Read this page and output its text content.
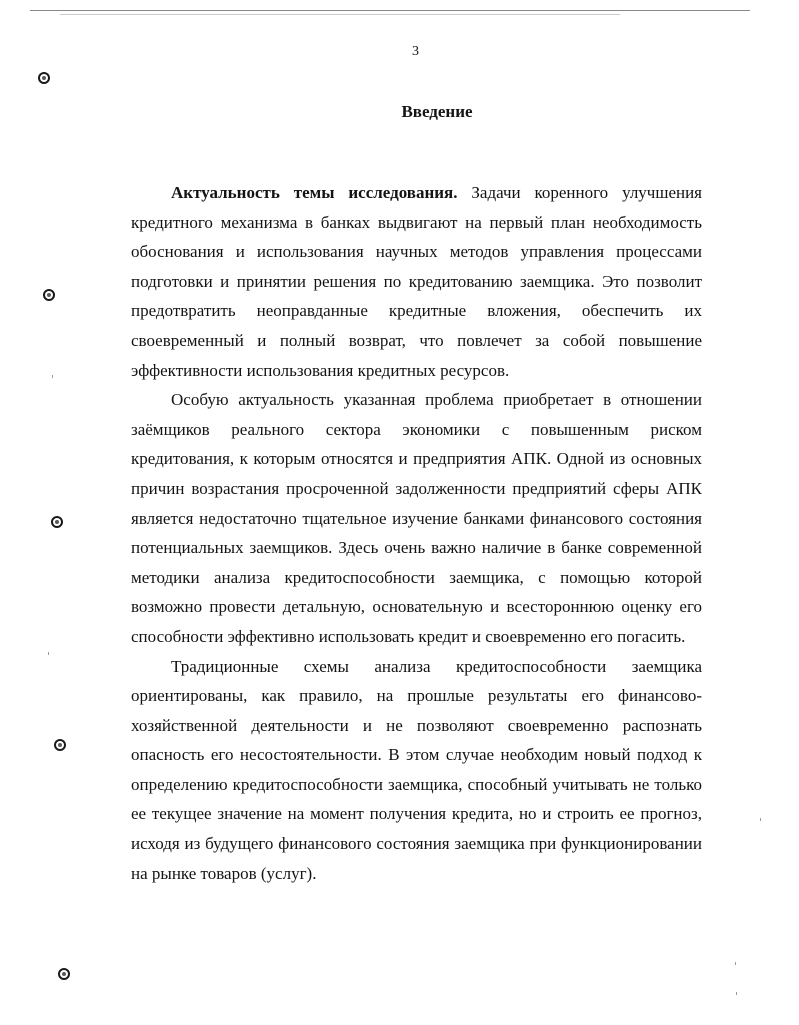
3
Введение

Актуальность темы исследования. Задачи коренного улучшения кредитного механизма в банках выдвигают на первый план необходимость обоснования и использования научных методов управления процессами подготовки и принятии решения по кредитованию заемщика. Это позволит предотвратить неоправданные кредитные вложения, обеспечить их своевременный и полный возврат, что повлечет за собой повышение эффективности использования кредитных ресурсов.

Особую актуальность указанная проблема приобретает в отношении заёмщиков реального сектора экономики с повышенным риском кредитования, к которым относятся и предприятия АПК. Одной из основных причин возрастания просроченной задолженности предприятий сферы АПК является недостаточно тщательное изучение банками финансового состояния потенциальных заемщиков. Здесь очень важно наличие в банке современной методики анализа кредитоспособности заемщика, с помощью которой возможно провести детальную, основательную и всестороннюю оценку его способности эффективно использовать кредит и своевременно его погасить.

Традиционные схемы анализа кредитоспособности заемщика ориентированы, как правило, на прошлые результаты его финансово-хозяйственной деятельности и не позволяют своевременно распознать опасность его несостоятельности. В этом случае необходим новый подход к определению кредитоспособности заемщика, способный учитывать не только ее текущее значение на момент получения кредита, но и строить ее прогноз, исходя из будущего финансового состояния заемщика при функционировании на рынке товаров (услуг).
